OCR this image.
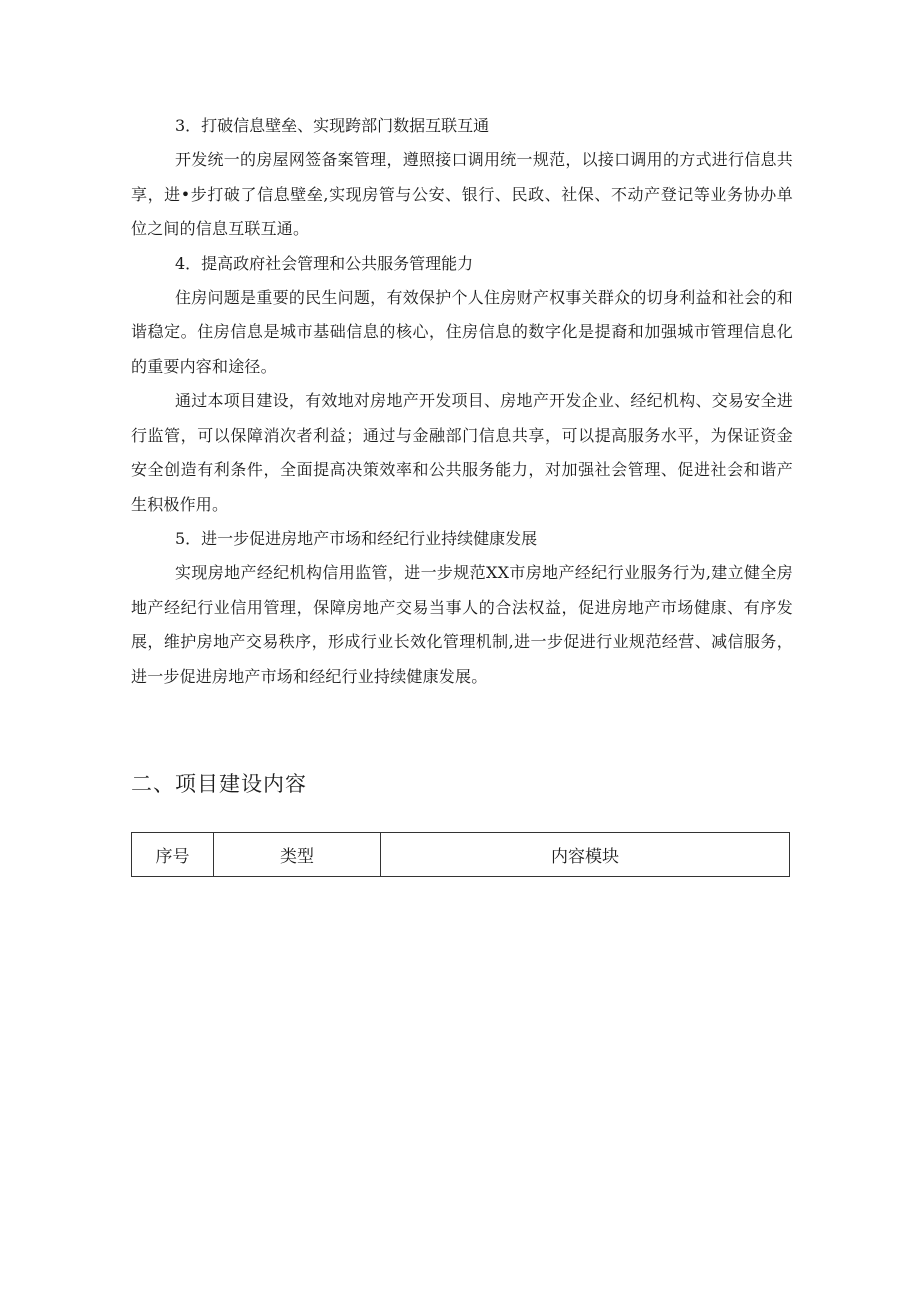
3．打破信息壁垒、实现跨部门数据互联互通

开发统一的房屋网签备案管理，遵照接口调用统一规范，以接口调用的方式进行信息共享，进•步打破了信息壁垒,实现房管与公安、银行、民政、社保、不动产登记等业务协办单位之间的信息互联互通。

4．提高政府社会管理和公共服务管理能力

住房问题是重要的民生问题，有效保护个人住房财产权事关群众的切身利益和社会的和谐稳定。住房信息是城市基础信息的核心，住房信息的数字化是提裔和加强城市管理信息化的重要内容和途径。

通过本项目建设，有效地对房地产开发项目、房地产开发企业、经纪机构、交易安全进行监管，可以保障消次者利益；通过与金融部门信息共享，可以提高服务水平，为保证资金安全创造有利条件，全面提高决策效率和公共服务能力，对加强社会管理、促进社会和谐产生积极作用。

5．进一步促进房地产市场和经纪行业持续健康发展

实现房地产经纪机构信用监管，进一步规范XX市房地产经纪行业服务行为,建立健全房地产经纪行业信用管理，保障房地产交易当事人的合法权益，促进房地产市场健康、有序发展，维护房地产交易秩序，形成行业长效化管理机制,进一步促进行业规范经营、减信服务，进一步促进房地产市场和经纪行业持续健康发展。

二、项目建设内容
序号	类型	内容模块
